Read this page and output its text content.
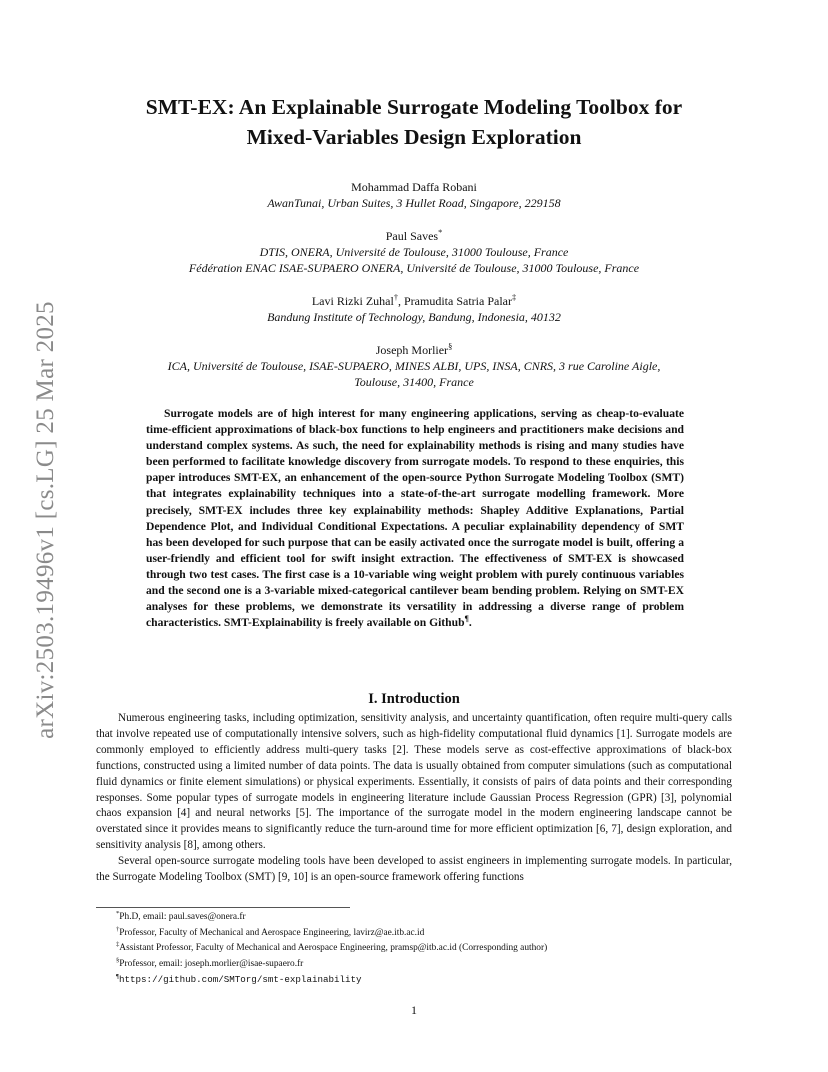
arXiv:2503.19496v1 [cs.LG] 25 Mar 2025
SMT-EX: An Explainable Surrogate Modeling Toolbox for
Mixed-Variables Design Exploration
Mohammad Daffa Robani
AwanTunai, Urban Suites, 3 Hullet Road, Singapore, 229158
Paul Saves*
DTIS, ONERA, Université de Toulouse, 31000 Toulouse, France
Fédération ENAC ISAE-SUPAERO ONERA, Université de Toulouse, 31000 Toulouse, France
Lavi Rizki Zuhal†, Pramudita Satria Palar‡
Bandung Institute of Technology, Bandung, Indonesia, 40132
Joseph Morlier§
ICA, Université de Toulouse, ISAE-SUPAERO, MINES ALBI, UPS, INSA, CNRS, 3 rue Caroline Aigle,
Toulouse, 31400, France

Surrogate models are of high interest for many engineering applications, serving as cheap-to-evaluate time-efficient approximations of black-box functions to help engineers and practitioners make decisions and understand complex systems. As such, the need for explainability methods is rising and many studies have been performed to facilitate knowledge discovery from surrogate models. To respond to these enquiries, this paper introduces SMT-EX, an enhancement of the open-source Python Surrogate Modeling Toolbox (SMT) that integrates explainability techniques into a state-of-the-art surrogate modelling framework. More precisely, SMT-EX includes three key explainability methods: Shapley Additive Explanations, Partial Dependence Plot, and Individual Conditional Expectations. A peculiar explainability dependency of SMT has been developed for such purpose that can be easily activated once the surrogate model is built, offering a user-friendly and efficient tool for swift insight extraction. The effectiveness of SMT-EX is showcased through two test cases. The first case is a 10-variable wing weight problem with purely continuous variables and the second one is a 3-variable mixed-categorical cantilever beam bending problem. Relying on SMT-EX analyses for these problems, we demonstrate its versatility in addressing a diverse range of problem characteristics. SMT-Explainability is freely available on Github¶.

I. Introduction

Numerous engineering tasks, including optimization, sensitivity analysis, and uncertainty quantification, often require multi-query calls that involve repeated use of computationally intensive solvers, such as high-fidelity computational fluid dynamics [1]. Surrogate models are commonly employed to efficiently address multi-query tasks [2]. These models serve as cost-effective approximations of black-box functions, constructed using a limited number of data points. The data is usually obtained from computer simulations (such as computational fluid dynamics or finite element simulations) or physical experiments. Essentially, it consists of pairs of data points and their corresponding responses. Some popular types of surrogate models in engineering literature include Gaussian Process Regression (GPR) [3], polynomial chaos expansion [4] and neural networks [5]. The importance of the surrogate model in the modern engineering landscape cannot be overstated since it provides means to significantly reduce the turn-around time for more efficient optimization [6, 7], design exploration, and sensitivity analysis [8], among others.

Several open-source surrogate modeling tools have been developed to assist engineers in implementing surrogate models. In particular, the Surrogate Modeling Toolbox (SMT) [9, 10] is an open-source framework offering functions

*Ph.D, email: paul.saves@onera.fr
†Professor, Faculty of Mechanical and Aerospace Engineering, lavirz@ae.itb.ac.id
‡Assistant Professor, Faculty of Mechanical and Aerospace Engineering, pramsp@itb.ac.id (Corresponding author)
§Professor, email: joseph.morlier@isae-supaero.fr
¶https://github.com/SMTorg/smt-explainability
1
